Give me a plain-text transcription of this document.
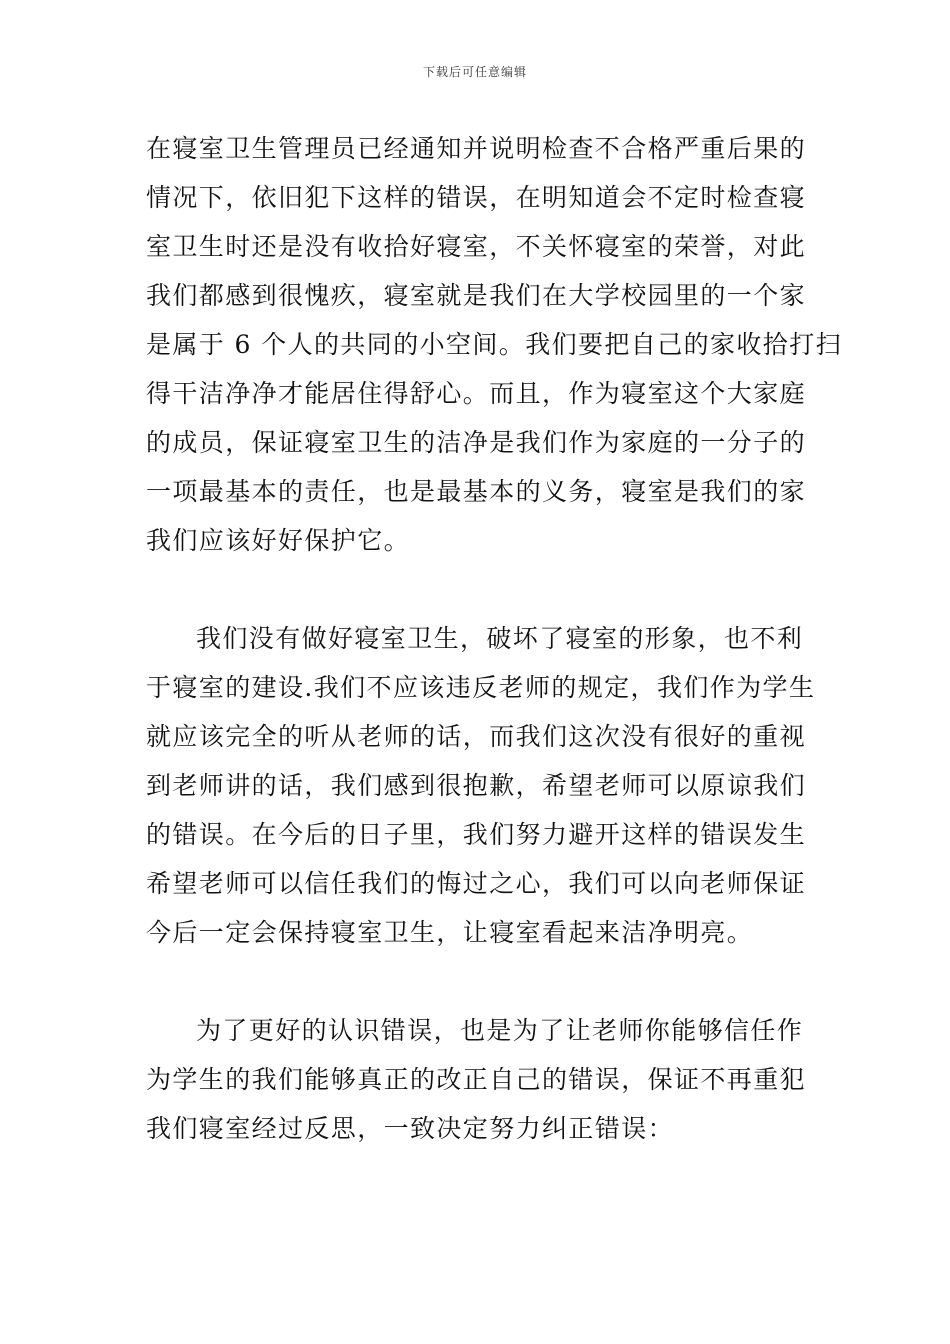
下载后可任意编辑
在寝室卫生管理员已经通知并说明检查不合格严重后果的
情况下，依旧犯下这样的错误，在明知道会不定时检查寝
室卫生时还是没有收拾好寝室，不关怀寝室的荣誉，对此
我们都感到很愧疚，寝室就是我们在大学校园里的一个家
是属于 6 个人的共同的小空间。我们要把自己的家收拾打扫
得干洁净净才能居住得舒心。而且，作为寝室这个大家庭
的成员，保证寝室卫生的洁净是我们作为家庭的一分子的
一项最基本的责任，也是最基本的义务，寝室是我们的家
我们应该好好保护它。
我们没有做好寝室卫生，破坏了寝室的形象，也不利
于寝室的建设.我们不应该违反老师的规定，我们作为学生
就应该完全的听从老师的话，而我们这次没有很好的重视
到老师讲的话，我们感到很抱歉，希望老师可以原谅我们
的错误。在今后的日子里，我们努力避开这样的错误发生
希望老师可以信任我们的悔过之心，我们可以向老师保证
今后一定会保持寝室卫生，让寝室看起来洁净明亮。
为了更好的认识错误，也是为了让老师你能够信任作
为学生的我们能够真正的改正自己的错误，保证不再重犯
我们寝室经过反思，一致决定努力纠正错误：
